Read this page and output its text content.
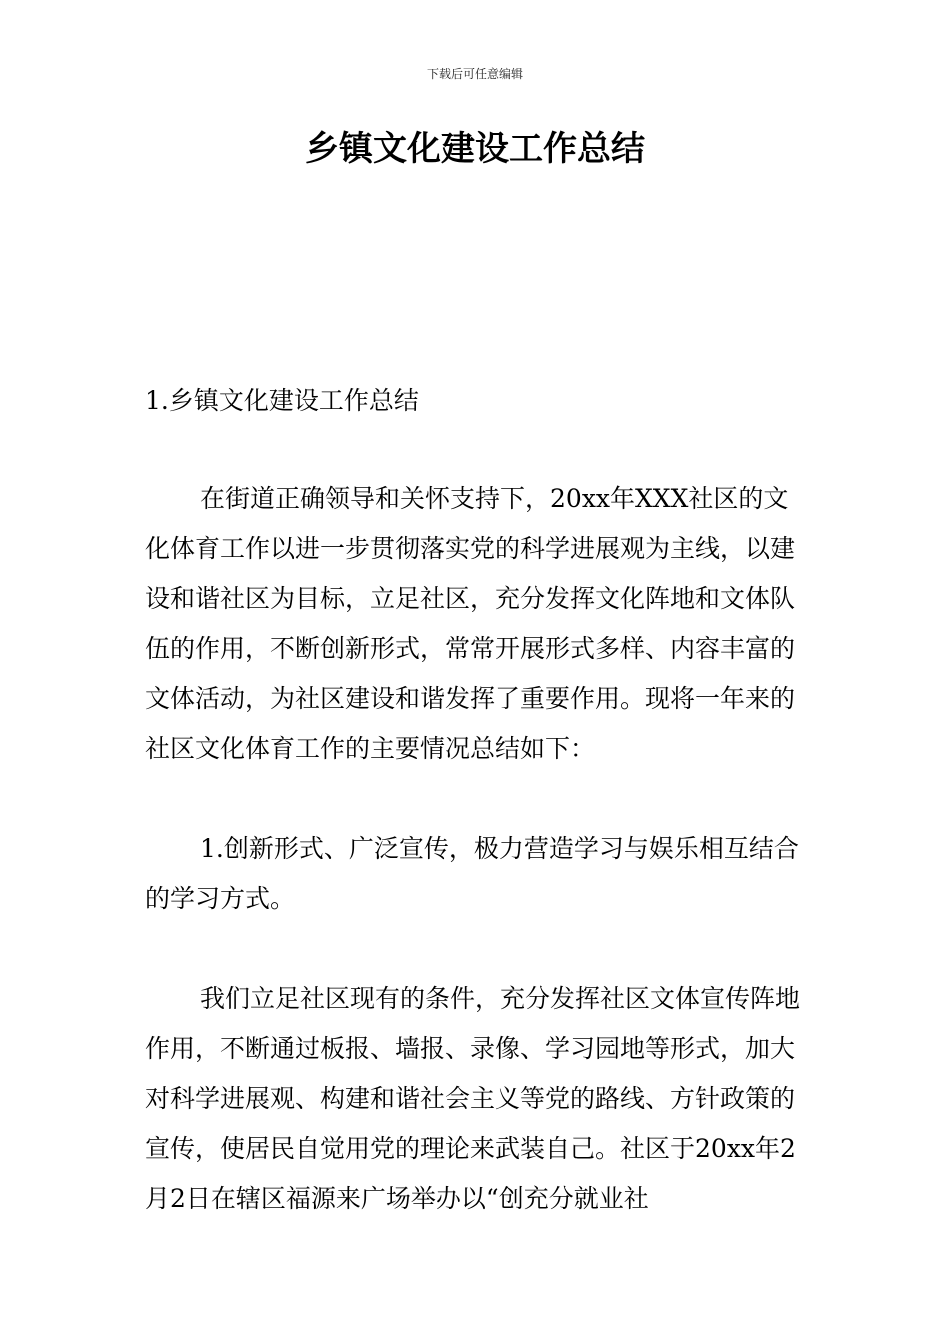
下载后可任意编辑
乡镇文化建设工作总结

1.乡镇文化建设工作总结

在街道正确领导和关怀支持下，20xx年XXX社区的文化体育工作以进一步贯彻落实党的科学进展观为主线，以建设和谐社区为目标，立足社区，充分发挥文化阵地和文体队伍的作用，不断创新形式，常常开展形式多样、内容丰富的文体活动，为社区建设和谐发挥了重要作用。现将一年来的社区文化体育工作的主要情况总结如下：

1.创新形式、广泛宣传，极力营造学习与娱乐相互结合的学习方式。

我们立足社区现有的条件，充分发挥社区文体宣传阵地作用，不断通过板报、墙报、录像、学习园地等形式，加大对科学进展观、构建和谐社会主义等党的路线、方针政策的宣传，使居民自觉用党的理论来武装自己。社区于20xx年2月2日在辖区福源来广场举办以“创充分就业社
